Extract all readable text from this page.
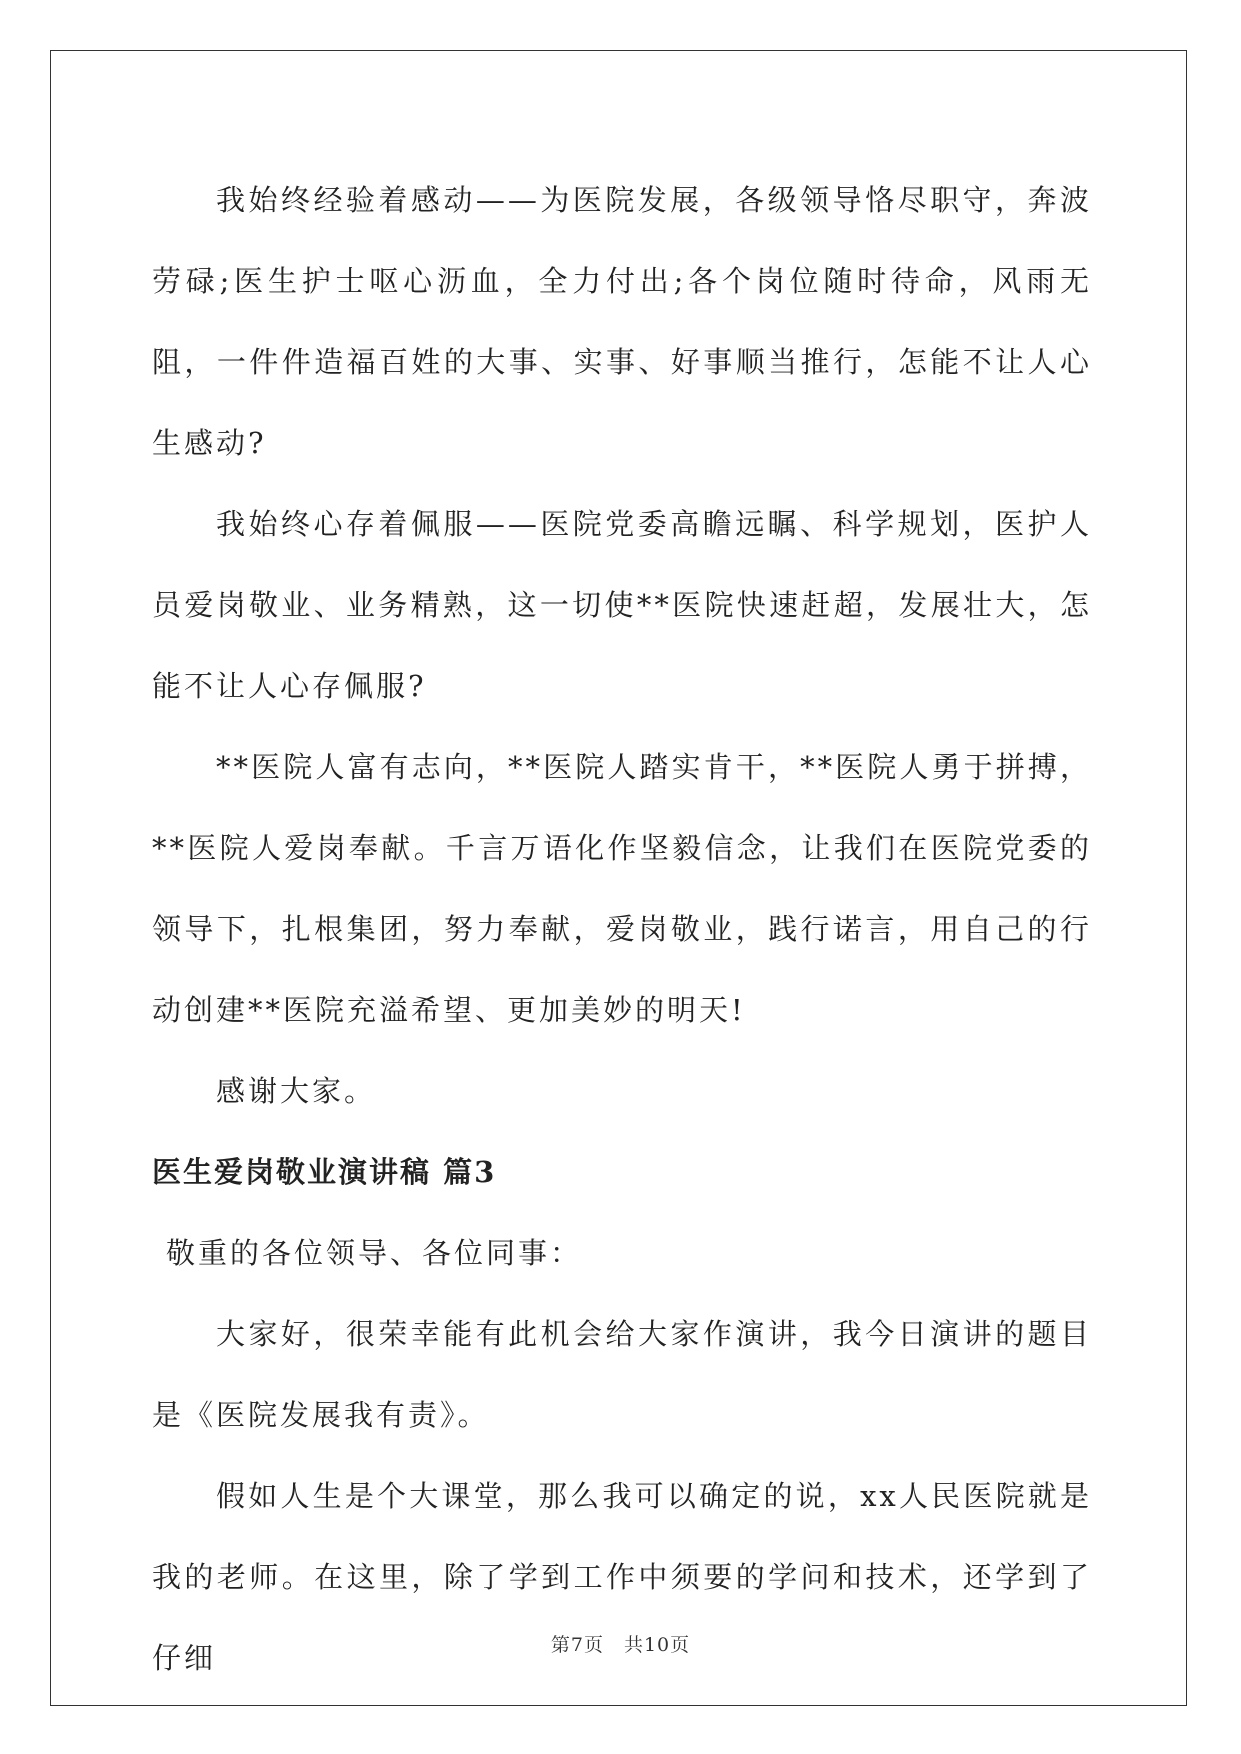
我始终经验着感动——为医院发展，各级领导恪尽职守，奔波劳碌;医生护士呕心沥血，全力付出;各个岗位随时待命，风雨无阻，一件件造福百姓的大事、实事、好事顺当推行，怎能不让人心生感动?

我始终心存着佩服——医院党委高瞻远瞩、科学规划，医护人员爱岗敬业、业务精熟，这一切使**医院快速赶超，发展壮大，怎能不让人心存佩服?

**医院人富有志向，**医院人踏实肯干，**医院人勇于拼搏，**医院人爱岗奉献。千言万语化作坚毅信念，让我们在医院党委的领导下，扎根集团，努力奉献，爱岗敬业，践行诺言，用自己的行动创建**医院充溢希望、更加美妙的明天!

感谢大家。

医生爱岗敬业演讲稿 篇3

敬重的各位领导、各位同事：

大家好，很荣幸能有此机会给大家作演讲，我今日演讲的题目是《医院发展我有责》。

假如人生是个大课堂，那么我可以确定的说，xx人民医院就是我的老师。在这里，除了学到工作中须要的学问和技术，还学到了仔细	第7页 共10页
